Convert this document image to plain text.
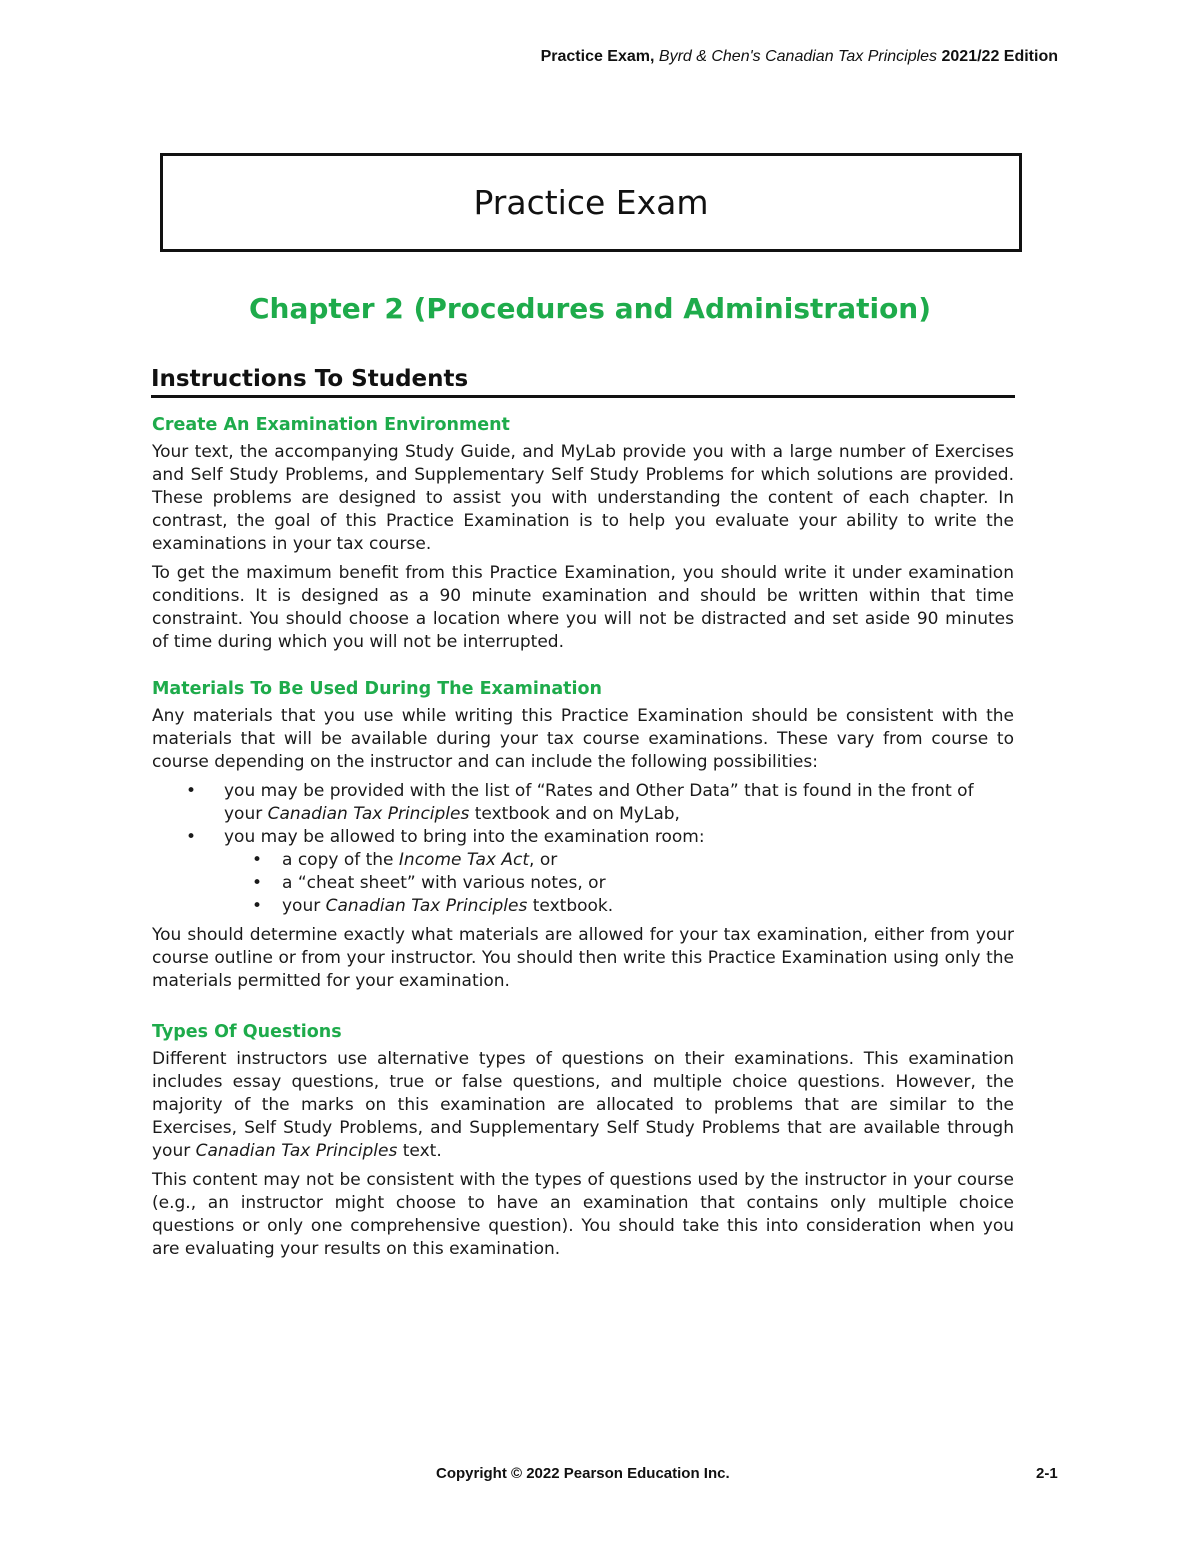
Practice Exam, Byrd & Chen's Canadian Tax Principles 2021/22 Edition
Practice Exam
Chapter 2 (Procedures and Administration)
Instructions To Students
Create An Examination Environment

Your text, the accompanying Study Guide, and MyLab provide you with a large number of Exercises and Self Study Problems, and Supplementary Self Study Problems for which solutions are provided. These problems are designed to assist you with understanding the content of each chapter. In contrast, the goal of this Practice Examination is to help you evaluate your ability to write the examinations in your tax course.

To get the maximum benefit from this Practice Examination, you should write it under examination conditions. It is designed as a 90 minute examination and should be written within that time constraint. You should choose a location where you will not be distracted and set aside 90 minutes of time during which you will not be interrupted.

Materials To Be Used During The Examination

Any materials that you use while writing this Practice Examination should be consistent with the materials that will be available during your tax course examinations. These vary from course to course depending on the instructor and can include the following possibilities:

• you may be provided with the list of “Rates and Other Data” that is found in the front of your Canadian Tax Principles textbook and on MyLab,
• you may be allowed to bring into the examination room:
• a copy of the Income Tax Act, or
• a “cheat sheet” with various notes, or
• your Canadian Tax Principles textbook.

You should determine exactly what materials are allowed for your tax examination, either from your course outline or from your instructor. You should then write this Practice Examination using only the materials permitted for your examination.

Types Of Questions

Different instructors use alternative types of questions on their examinations. This examination includes essay questions, true or false questions, and multiple choice questions. However, the majority of the marks on this examination are allocated to problems that are similar to the Exercises, Self Study Problems, and Supplementary Self Study Problems that are available through your Canadian Tax Principles text.

This content may not be consistent with the types of questions used by the instructor in your course (e.g., an instructor might choose to have an examination that contains only multiple choice questions or only one comprehensive question). You should take this into consideration when you are evaluating your results on this examination.

Copyright © 2022 Pearson Education Inc.	2-1
